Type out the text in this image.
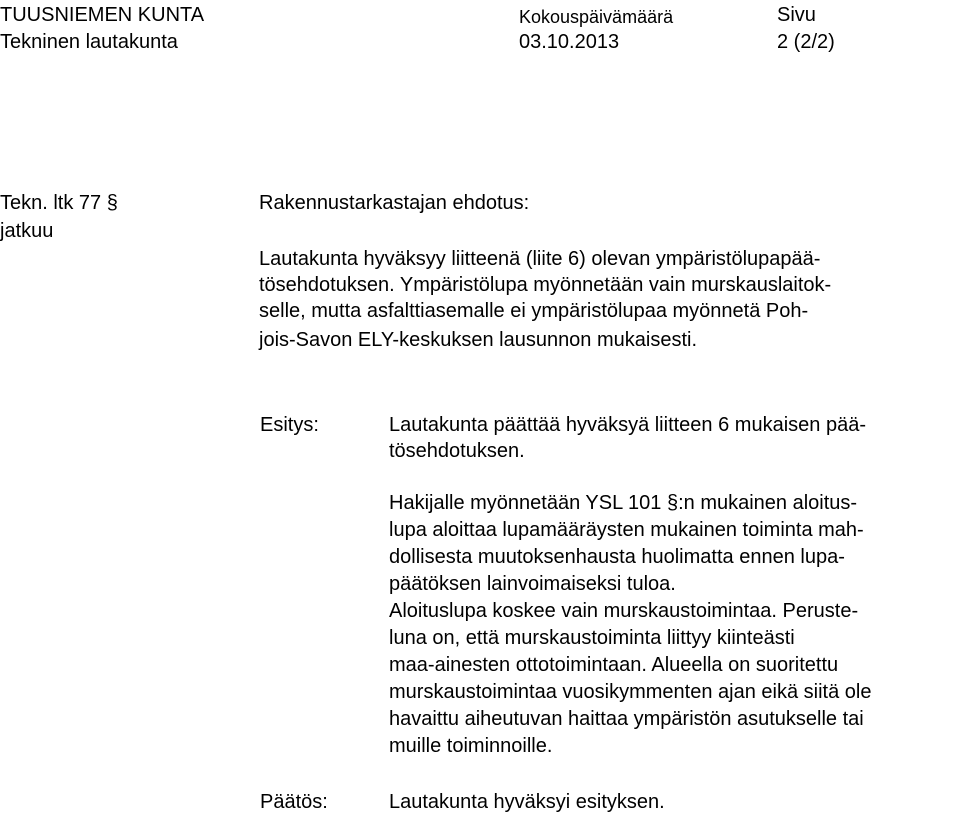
TUUSNIEMEN KUNTA
Tekninen lautakunta
Kokouspäivämäärä
03.10.2013
Sivu
2 (2/2)
Tekn. ltk 77 §
jatkuu
Rakennustarkastajan ehdotus:
Lautakunta hyväksyy liitteenä (liite 6) olevan ympäristölupapää-
tösehdotuksen. Ympäristölupa myönnetään vain murskauslaitok-
selle, mutta asfalttiasemalle ei ympäristölupaa myönnetä Poh-
jois-Savon ELY-keskuksen lausunnon mukaisesti.
Esitys:	Lautakunta päättää hyväksyä liitteen 6 mukaisen pää-
tösehdotuksen.
Hakijalle myönnetään YSL 101 §:n mukainen aloitus-
lupa aloittaa lupamääräysten mukainen toiminta mah-
dollisesta muutoksenhausta huolimatta ennen lupa-
päätöksen lainvoimaiseksi tuloa.
Aloituslupa koskee vain murskaustoimintaa. Peruste-
luna on, että murskaustoiminta liittyy kiinteästi
maa-ainesten ottotoimintaan. Alueella on suoritettu
murskaustoimintaa vuosikymmenten ajan eikä siitä ole
havaittu aiheutuvan haittaa ympäristön asutukselle tai
muille toiminnoille.
Päätös:	Lautakunta hyväksyi esityksen.
